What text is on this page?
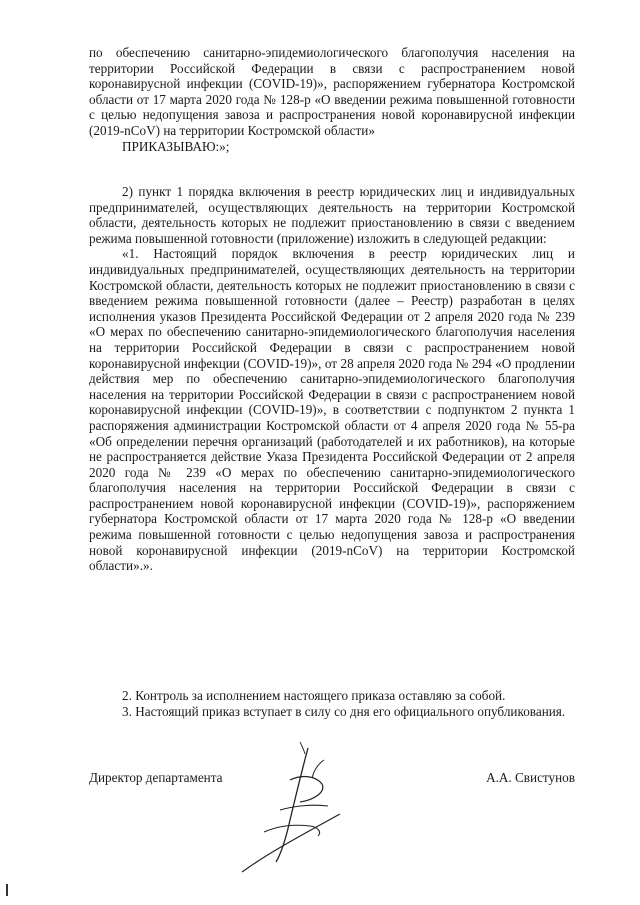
по обеспечению санитарно-эпидемиологического благополучия населения на территории Российской Федерации в связи с распространением новой коронавирусной инфекции (COVID-19)», распоряжением губернатора Костромской области от 17 марта 2020 года № 128-р «О введении режима повышенной готовности с целью недопущения завоза и распространения новой коронавирусной инфекции (2019-nCoV) на территории Костромской области»

ПРИКАЗЫВАЮ:»;

2) пункт 1 порядка включения в реестр юридических лиц и индивидуальных предпринимателей, осуществляющих деятельность на территории Костромской области, деятельность которых не подлежит приостановлению в связи с введением режима повышенной готовности (приложение) изложить в следующей редакции:

«1. Настоящий порядок включения в реестр юридических лиц и индивидуальных предпринимателей, осуществляющих деятельность на территории Костромской области, деятельность которых не подлежит приостановлению в связи с введением режима повышенной готовности (далее – Реестр) разработан в целях исполнения указов Президента Российской Федерации от 2 апреля 2020 года № 239 «О мерах по обеспечению санитарно-эпидемиологического благополучия населения на территории Российской Федерации в связи с распространением новой коронавирусной инфекции (COVID-19)», от 28 апреля 2020 года № 294 «О продлении действия мер по обеспечению санитарно-эпидемиологического благополучия населения на территории Российской Федерации в связи с распространением новой коронавирусной инфекции (COVID-19)», в соответствии с подпунктом 2 пункта 1 распоряжения администрации Костромской области от 4 апреля 2020 года № 55-ра «Об определении перечня организаций (работодателей и их работников), на которые не распространяется действие Указа Президента Российской Федерации от 2 апреля 2020 года № 239 «О мерах по обеспечению санитарно-эпидемиологического благополучия населения на территории Российской Федерации в связи с распространением новой коронавирусной инфекции (COVID-19)», распоряжением губернатора Костромской области от 17 марта 2020 года № 128-р «О введении режима повышенной готовности с целью недопущения завоза и распространения новой коронавирусной инфекции (2019-nCoV) на территории Костромской области».».

2. Контроль за исполнением настоящего приказа оставляю за собой.

3. Настоящий приказ вступает в силу со дня его официального опубликования.

Директор департамента	А.А. Свистунов
